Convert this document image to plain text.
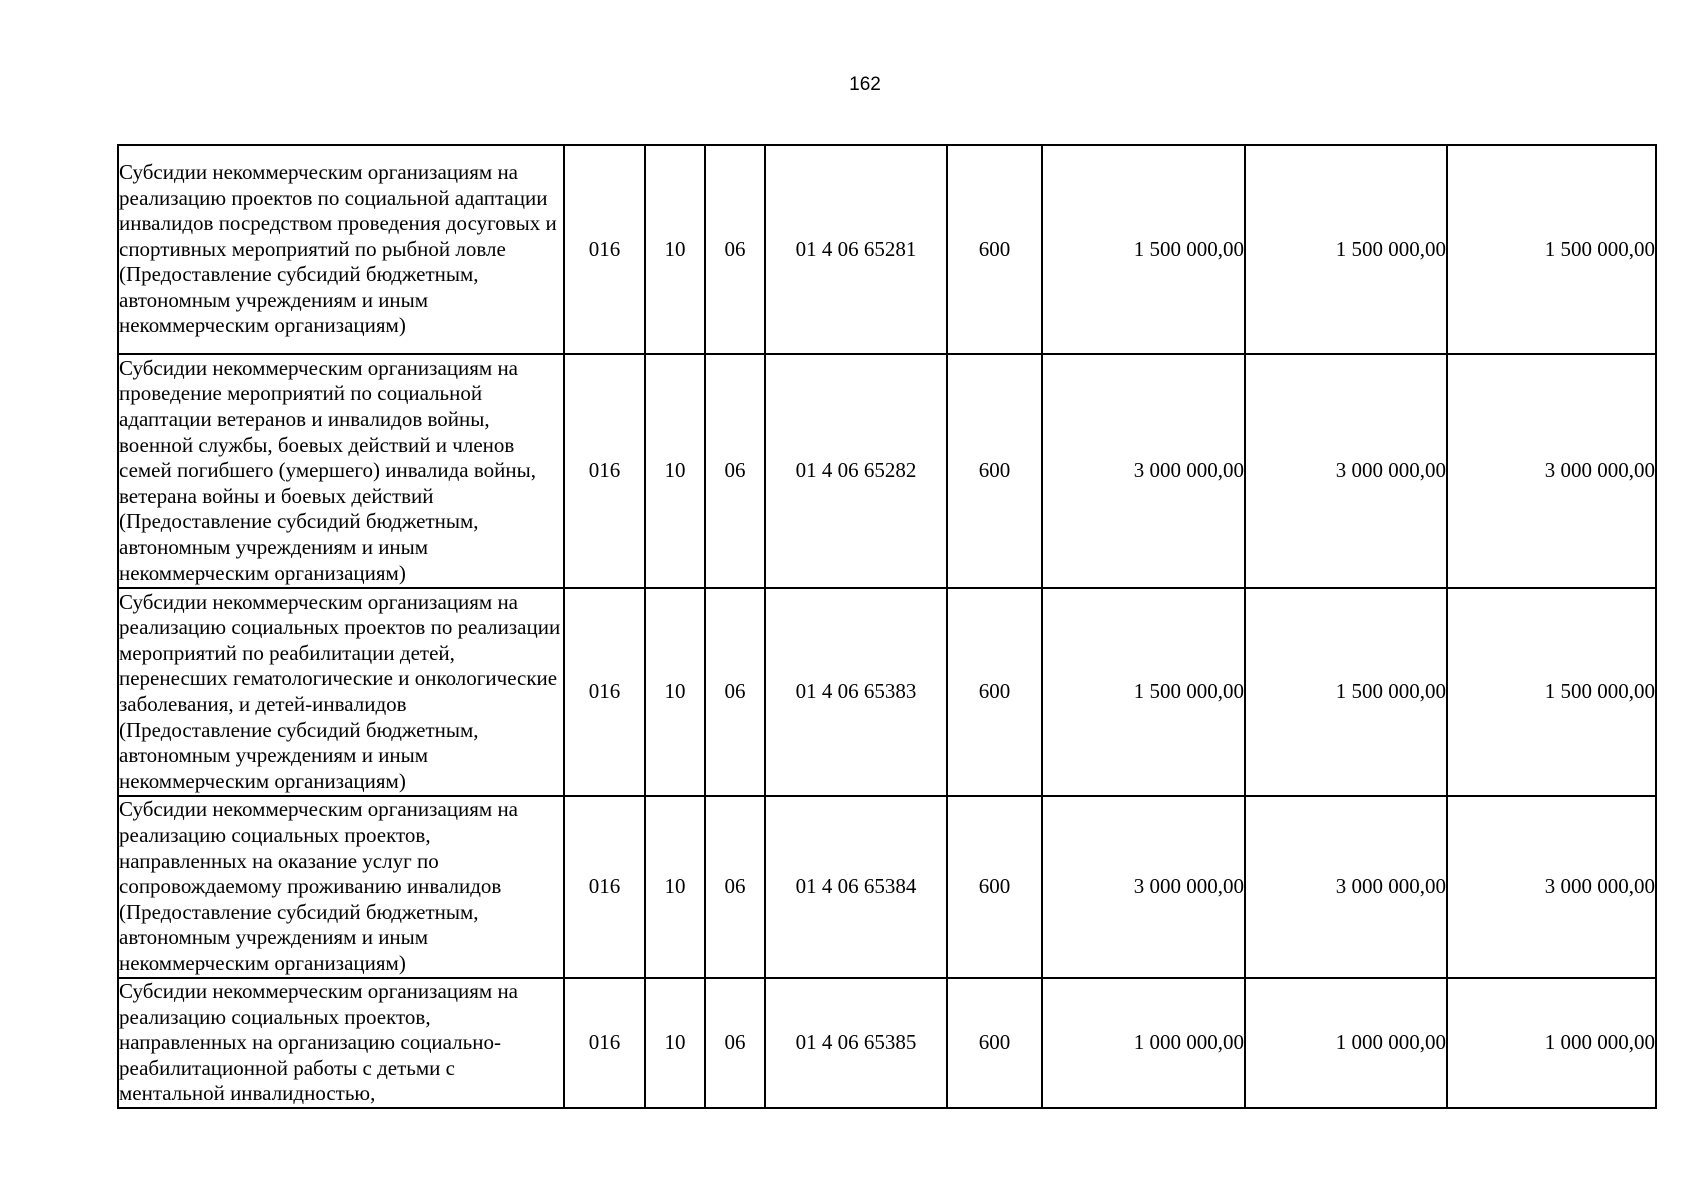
162
Субсидии некоммерческим организациям на реализацию проектов по социальной адаптации инвалидов посредством проведения досуговых и спортивных мероприятий по рыбной ловле (Предоставление субсидий бюджетным, автономным учреждениям и иным некоммерческим организациям)	016	10	06	01 4 06 65281	600	1 500 000,00	1 500 000,00	1 500 000,00
Субсидии некоммерческим организациям на проведение мероприятий по социальной адаптации ветеранов и инвалидов войны, военной службы, боевых действий и членов семей погибшего (умершего) инвалида войны, ветерана войны и боевых действий (Предоставление субсидий бюджетным, автономным учреждениям и иным некоммерческим организациям)	016	10	06	01 4 06 65282	600	3 000 000,00	3 000 000,00	3 000 000,00
Субсидии некоммерческим организациям на реализацию социальных проектов по реализации мероприятий по реабилитации детей, перенесших гематологические и онкологические заболевания, и детей-инвалидов (Предоставление субсидий бюджетным, автономным учреждениям и иным некоммерческим организациям)	016	10	06	01 4 06 65383	600	1 500 000,00	1 500 000,00	1 500 000,00
Субсидии некоммерческим организациям на реализацию социальных проектов, направленных на оказание услуг по сопровождаемому проживанию инвалидов (Предоставление субсидий бюджетным, автономным учреждениям и иным некоммерческим организациям)	016	10	06	01 4 06 65384	600	3 000 000,00	3 000 000,00	3 000 000,00
Субсидии некоммерческим организациям на реализацию социальных проектов, направленных на организацию социально-реабилитационной работы с детьми с ментальной инвалидностью,	016	10	06	01 4 06 65385	600	1 000 000,00	1 000 000,00	1 000 000,00
